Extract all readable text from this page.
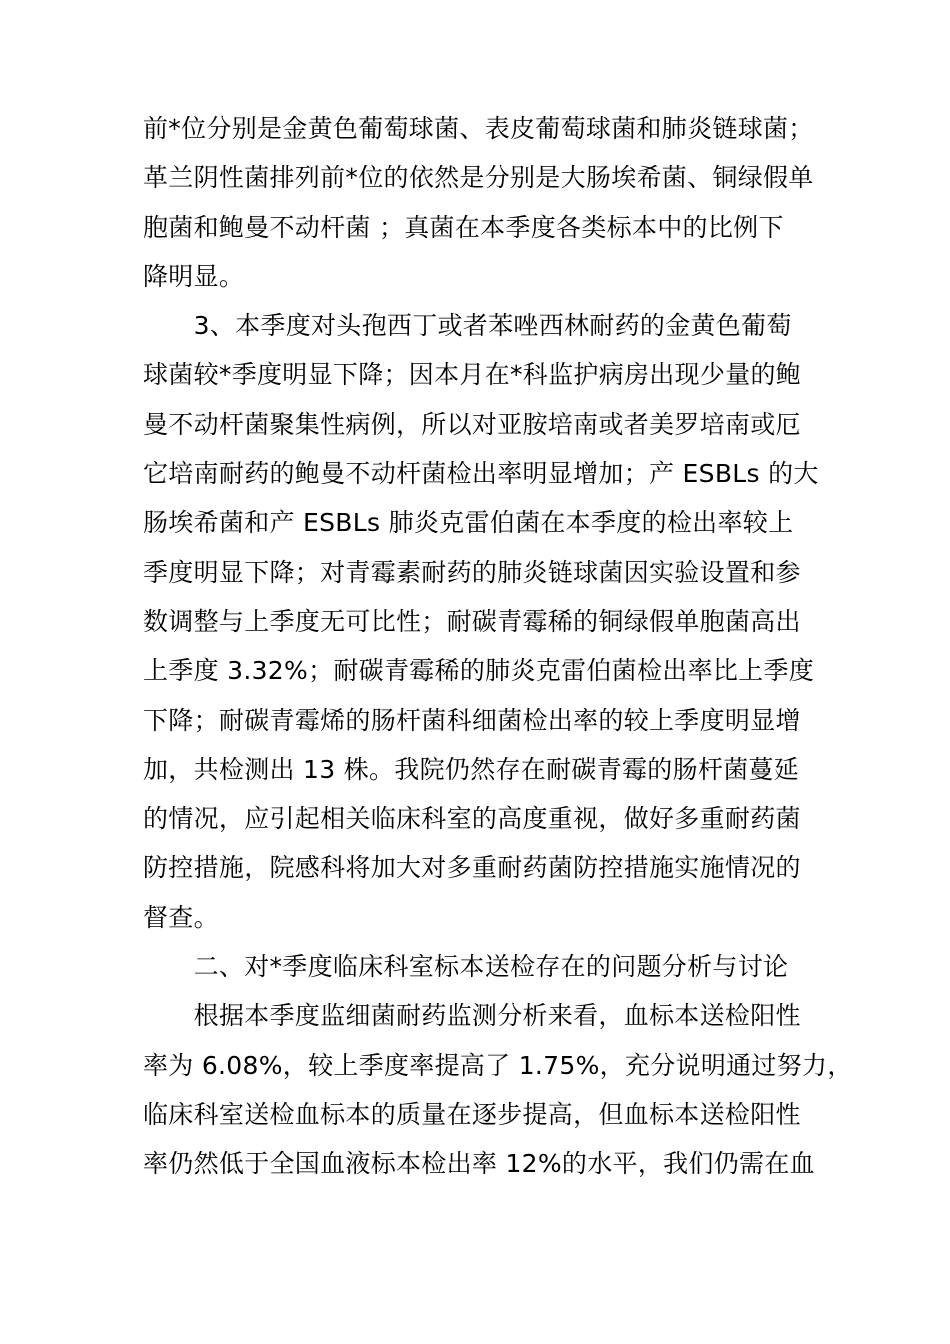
前*位分别是金黄色葡萄球菌、表皮葡萄球菌和肺炎链球菌；
革兰阴性菌排列前*位的依然是分别是大肠埃希菌、铜绿假单
胞菌和鲍曼不动杆菌 ；真菌在本季度各类标本中的比例下
降明显。
　　3、本季度对头孢西丁或者苯唑西林耐药的金黄色葡萄
球菌较*季度明显下降；因本月在*科监护病房出现少量的鲍
曼不动杆菌聚集性病例，所以对亚胺培南或者美罗培南或厄
它培南耐药的鲍曼不动杆菌检出率明显增加；产 ESBLs 的大
肠埃希菌和产 ESBLs 肺炎克雷伯菌在本季度的检出率较上
季度明显下降；对青霉素耐药的肺炎链球菌因实验设置和参
数调整与上季度无可比性；耐碳青霉稀的铜绿假单胞菌高出
上季度 3.32%；耐碳青霉稀的肺炎克雷伯菌检出率比上季度
下降；耐碳青霉烯的肠杆菌科细菌检出率的较上季度明显增
加，共检测出 13 株。我院仍然存在耐碳青霉的肠杆菌蔓延
的情况，应引起相关临床科室的高度重视，做好多重耐药菌
防控措施，院感科将加大对多重耐药菌防控措施实施情况的
督查。
　　二、对*季度临床科室标本送检存在的问题分析与讨论
　　根据本季度监细菌耐药监测分析来看，血标本送检阳性
率为 6.08%，较上季度率提高了 1.75%，充分说明通过努力，
临床科室送检血标本的质量在逐步提高，但血标本送检阳性
率仍然低于全国血液标本检出率 12%的水平，我们仍需在血
